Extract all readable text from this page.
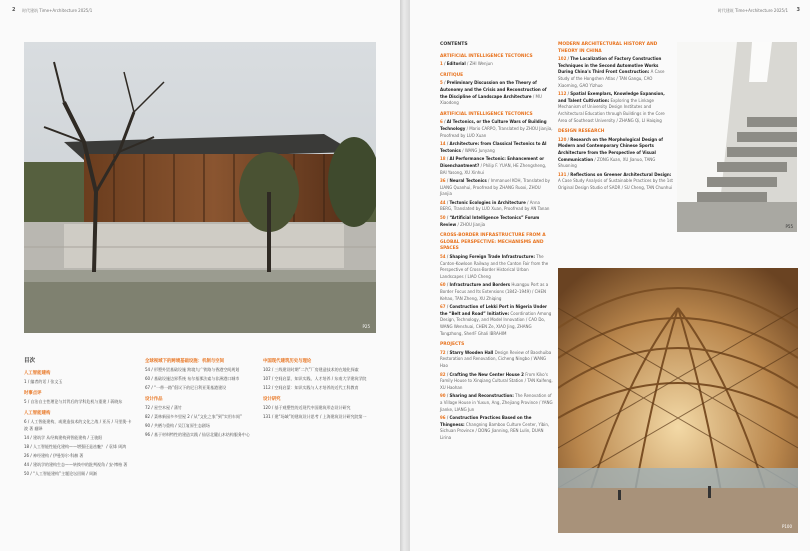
2 时代建筑 Time+Architecture 2025/1
P25
目次
人工智能建构
1 / 编者的话 / 张文玉
时事点评
5 / 自治自主性理论与其背后的学科危机与重建 / 蒋晓东
人工智能建构
6 / 人工智能建构，或建造技术的文化之战 / 亚历 / 马里奥·卡波 著 翻译
14 / 建筑学 从经典建构到智能建构 / 王骏阳
18 / 人工智能性能化建构——增强还是祛魅？ / 袁烽 周鸿
26 / 神经建构 / 伊曼努尔·科赫 著
44 / 建筑学的建构生态——转换中的批判视角 / 安·博格 著
50 / “人工智能建构”主题论坛回顾 / 周渐
全球视域下的跨境基础设施：机制与空间
54 / 形塑外贸基础设施 跨境九广铁路与香港空间规划
60 / 基础设施边界系统 布尔基那法索与非洲港口城市
67 / “一带一路”倡议下的尼日利亚莱基港建设
设计作品
72 / 星空木屋 / 蒲竹
82 / 菜林新园多多里屋 2 / 从“文化之家”到“实用车间”
90 / 共栖与重构 / 吴江复原生态剧场
96 / 基于材料特性的建造实践 / 仙居北麓山木结构服务中心
中国现代建筑历史与理论
102 / 三线建设时期“二汽”厂房建造技术的在地化探索
107 / 空间启蒙、知识实践、人才培养 / 东南大学建筑学院
112 / 空间启蒙：知识实践与人才培养的近代工科教育
设计研究
120 / 基于观塑性的近现代中国建筑形态设计研究
131 / 建“场域”的建筑设计思考 / 上海建筑设计研究院第一
时代建筑 Time+Architecture 2025/1 3
CONTENTS
ARTIFICIAL INTELLIGENCE TECTONICS
1 / Editorial / ZHI Wenjun
CRITIQUE
5 / Preliminary Discussion on the Theory of Autonomy and the Crisis and Reconstruction of the Discipline of Landscape Architecture / MU Xiaodong
ARTIFICIAL INTELLIGENCE TECTONICS
6 / AI Tectonics, or the Culture Wars of Building Technology / Mario CARPO, Translated by ZHOU Jianjia, Proofread by LUO Xuan
14 / Architecture: from Classical Tectonics to AI Tectonics / WANG Junyang
18 / AI Performance Tectonic: Enhancement or Disenchantment? / Philip F. YUAN, HE Zhengsheng, BAI Yasong, XU Xinhui
36 / Neural Tectonics / Immanuel KOH, Translated by LIANG Quanhui, Proofread by ZHANG Ruoxi, ZHOU Jianjia
44 / Tectonic Ecologies in Architecture / Anna BERG, Translated by LUO Xuan, Proofread by AN Tanan
50 / “Artificial Intelligence Tectonics” Forum Review / ZHOU Jianjia
CROSS-BORDER INFRASTRUCTURE FROM A GLOBAL PERSPECTIVE: MECHANISMS AND SPACES
54 / Shaping Foreign Trade Infrastructure: The Canton-Kowloon Railway and the Canton Fair from the Perspective of Cross-Border Historical Urban Landscapes / LIAO Cheng
60 / Infrastructure and Borders Huangpu Port as a Border Focus and Its Extensions (1842–1949) / CHEN Kehao, TAN Zheng, XU Zhiqing
67 / Construction of Lekki Port in Nigeria Under the “Belt and Road” Initiative: Coordination Among Design, Technology, and Model Innovation / CAO Do, WANG Wenshuai, CHEN Ze, XIAO Jing, ZHANG Tongzhong, SherIF Ghali IBRAHIM
PROJECTS
72 / Starry Wooden Hall Design Review of Baoshuiba Restoration and Renovation, Cicheng Ningbo / WANG Hao
82 / Crafting the New Center House 2 From Kiko's Family House to Xinqiang Cultural Station / TAN Kaifeng, XU Haohan
90 / Sharing and Reconstruction: The Renovation of a Village House in Yuxun, Ang, Zhejiang Province / YANG Jianke, LIANG Jun
96 / Construction Practices Based on the Thingness: Changning Bamboo Culture Center, Yibin, Sichuan Province / DONG Jianning, REN Lulin, DUAN Lirina
MODERN ARCHITECTURAL HISTORY AND THEORY IN CHINA
102 / The Localization of Factory Construction Techniques in the Second Automotive Works During China's Third Front Construction: A Case Study of the Hongshen Atlas / TAN Gangu, CAO Xiaoming, GAO Yizhuo
112 / Spatial Exemplars, Knowledge Expansion, and Talent Cultivation: Exploring the Linkage Mechanism of University Design Institutes and Architectural Education through Buildings in the Core Area of Southeast University / ZHANG Qi, LI Haiqing
DESIGN RESEARCH
120 / Research on the Morphological Design of Modern and Contemporary Chinese Sports Architecture from the Perspective of Visual Communication / ZONG Kuan, XU Jianuo, TANG Shuoning
131 / Reflections on Greener Architectural Design: A Case Study Analysis of Sustainable Practices by the 1st Original Design Studio of SADR / SU Cheng, TAN Chunhui
P55
P100
